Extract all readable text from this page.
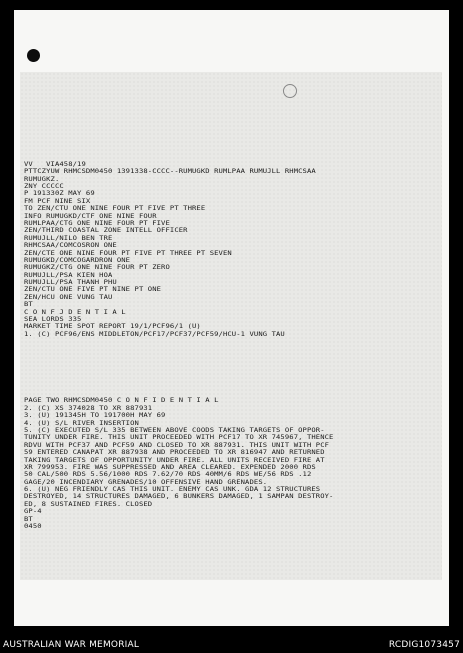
VV   VIA458/19
PTTCZYUW RHMCSDM0450 1391338-CCCC--RUMUGKD RUMLPAA RUMUJLL RHMCSAA
RUMUGKZ.
ZNY CCCCC
P 191330Z MAY 69
FM PCF NINE SIX
TO ZEN/CTU ONE NINE FOUR PT FIVE PT THREE
INFO RUMUGKD/CTF ONE NINE FOUR
RUMLPAA/CTG ONE NINE FOUR PT FIVE
ZEN/THIRD COASTAL ZONE INTELL OFFICER
RUMUJLL/NILO BEN TRE
RHMCSAA/COMCOSRON ONE
ZEN/CTE ONE NINE FOUR PT FIVE PT THREE PT SEVEN
RUMUGKD/COMCOGARDRON ONE
RUMUGKZ/CTG ONE NINE FOUR PT ZERO
RUMUJLL/PSA KIEN HOA
RUMUJLL/PSA THANH PHU
ZEN/CTU ONE FIVE PT NINE PT ONE
ZEN/HCU ONE VUNG TAU
BT
C O N F J D E N T I A L
SEA LORDS 335
MARKET TIME SPOT REPORT 19/1/PCF96/1 (U)
1. (C) PCF96/ENS MIDDLETON/PCF17/PCF37/PCF59/HCU-1 VUNG TAU

PAGE TWO RHMCSDM0450 C O N F I D E N T I A L
2. (C) XS 374028 TO XR 887931
3. (U) 191345H TO 191700H MAY 69
4. (U) S/L RIVER INSERTION
5. (C) EXECUTED S/L 335 BETWEEN ABOVE COODS TAKING TARGETS OF OPPOR-
TUNITY UNDER FIRE. THIS UNIT PROCEEDED WITH PCF17 TO XR 745967, THENCE
RDVU WITH PCF37 AND PCF59 AND CLOSED TO XR 887931. THIS UNIT WITH PCF
59 ENTERED CANAPAT XR 887938 AND PROCEEDED TO XR 816947 AND RETURNED
TAKING TARGETS OF OPPORTUNITY UNDER FIRE. ALL UNITS RECEIVED FIRE AT
XR 799953. FIRE WAS SUPPRESSED AND AREA CLEARED. EXPENDED 2000 RDS
50 CAL/500 RDS 5.56/1000 RDS 7.62/70 RDS 40MM/6 RDS WE/56 RDS .12
GAGE/20 INCENDIARY GRENADES/10 OFFENSIVE HAND GRENADES.
6. (U) NEG FRIENDLY CAS THIS UNIT. ENEMY CAS UNK. GDA 12 STRUCTURES
DESTROYED, 14 STRUCTURES DAMAGED, 6 BUNKERS DAMAGED, 1 SAMPAN DESTROY-
ED, 8 SUSTAINED FIRES. CLOSED
GP-4
BT
0450

AUSTRALIAN WAR MEMORIAL	RCDIG1073457
